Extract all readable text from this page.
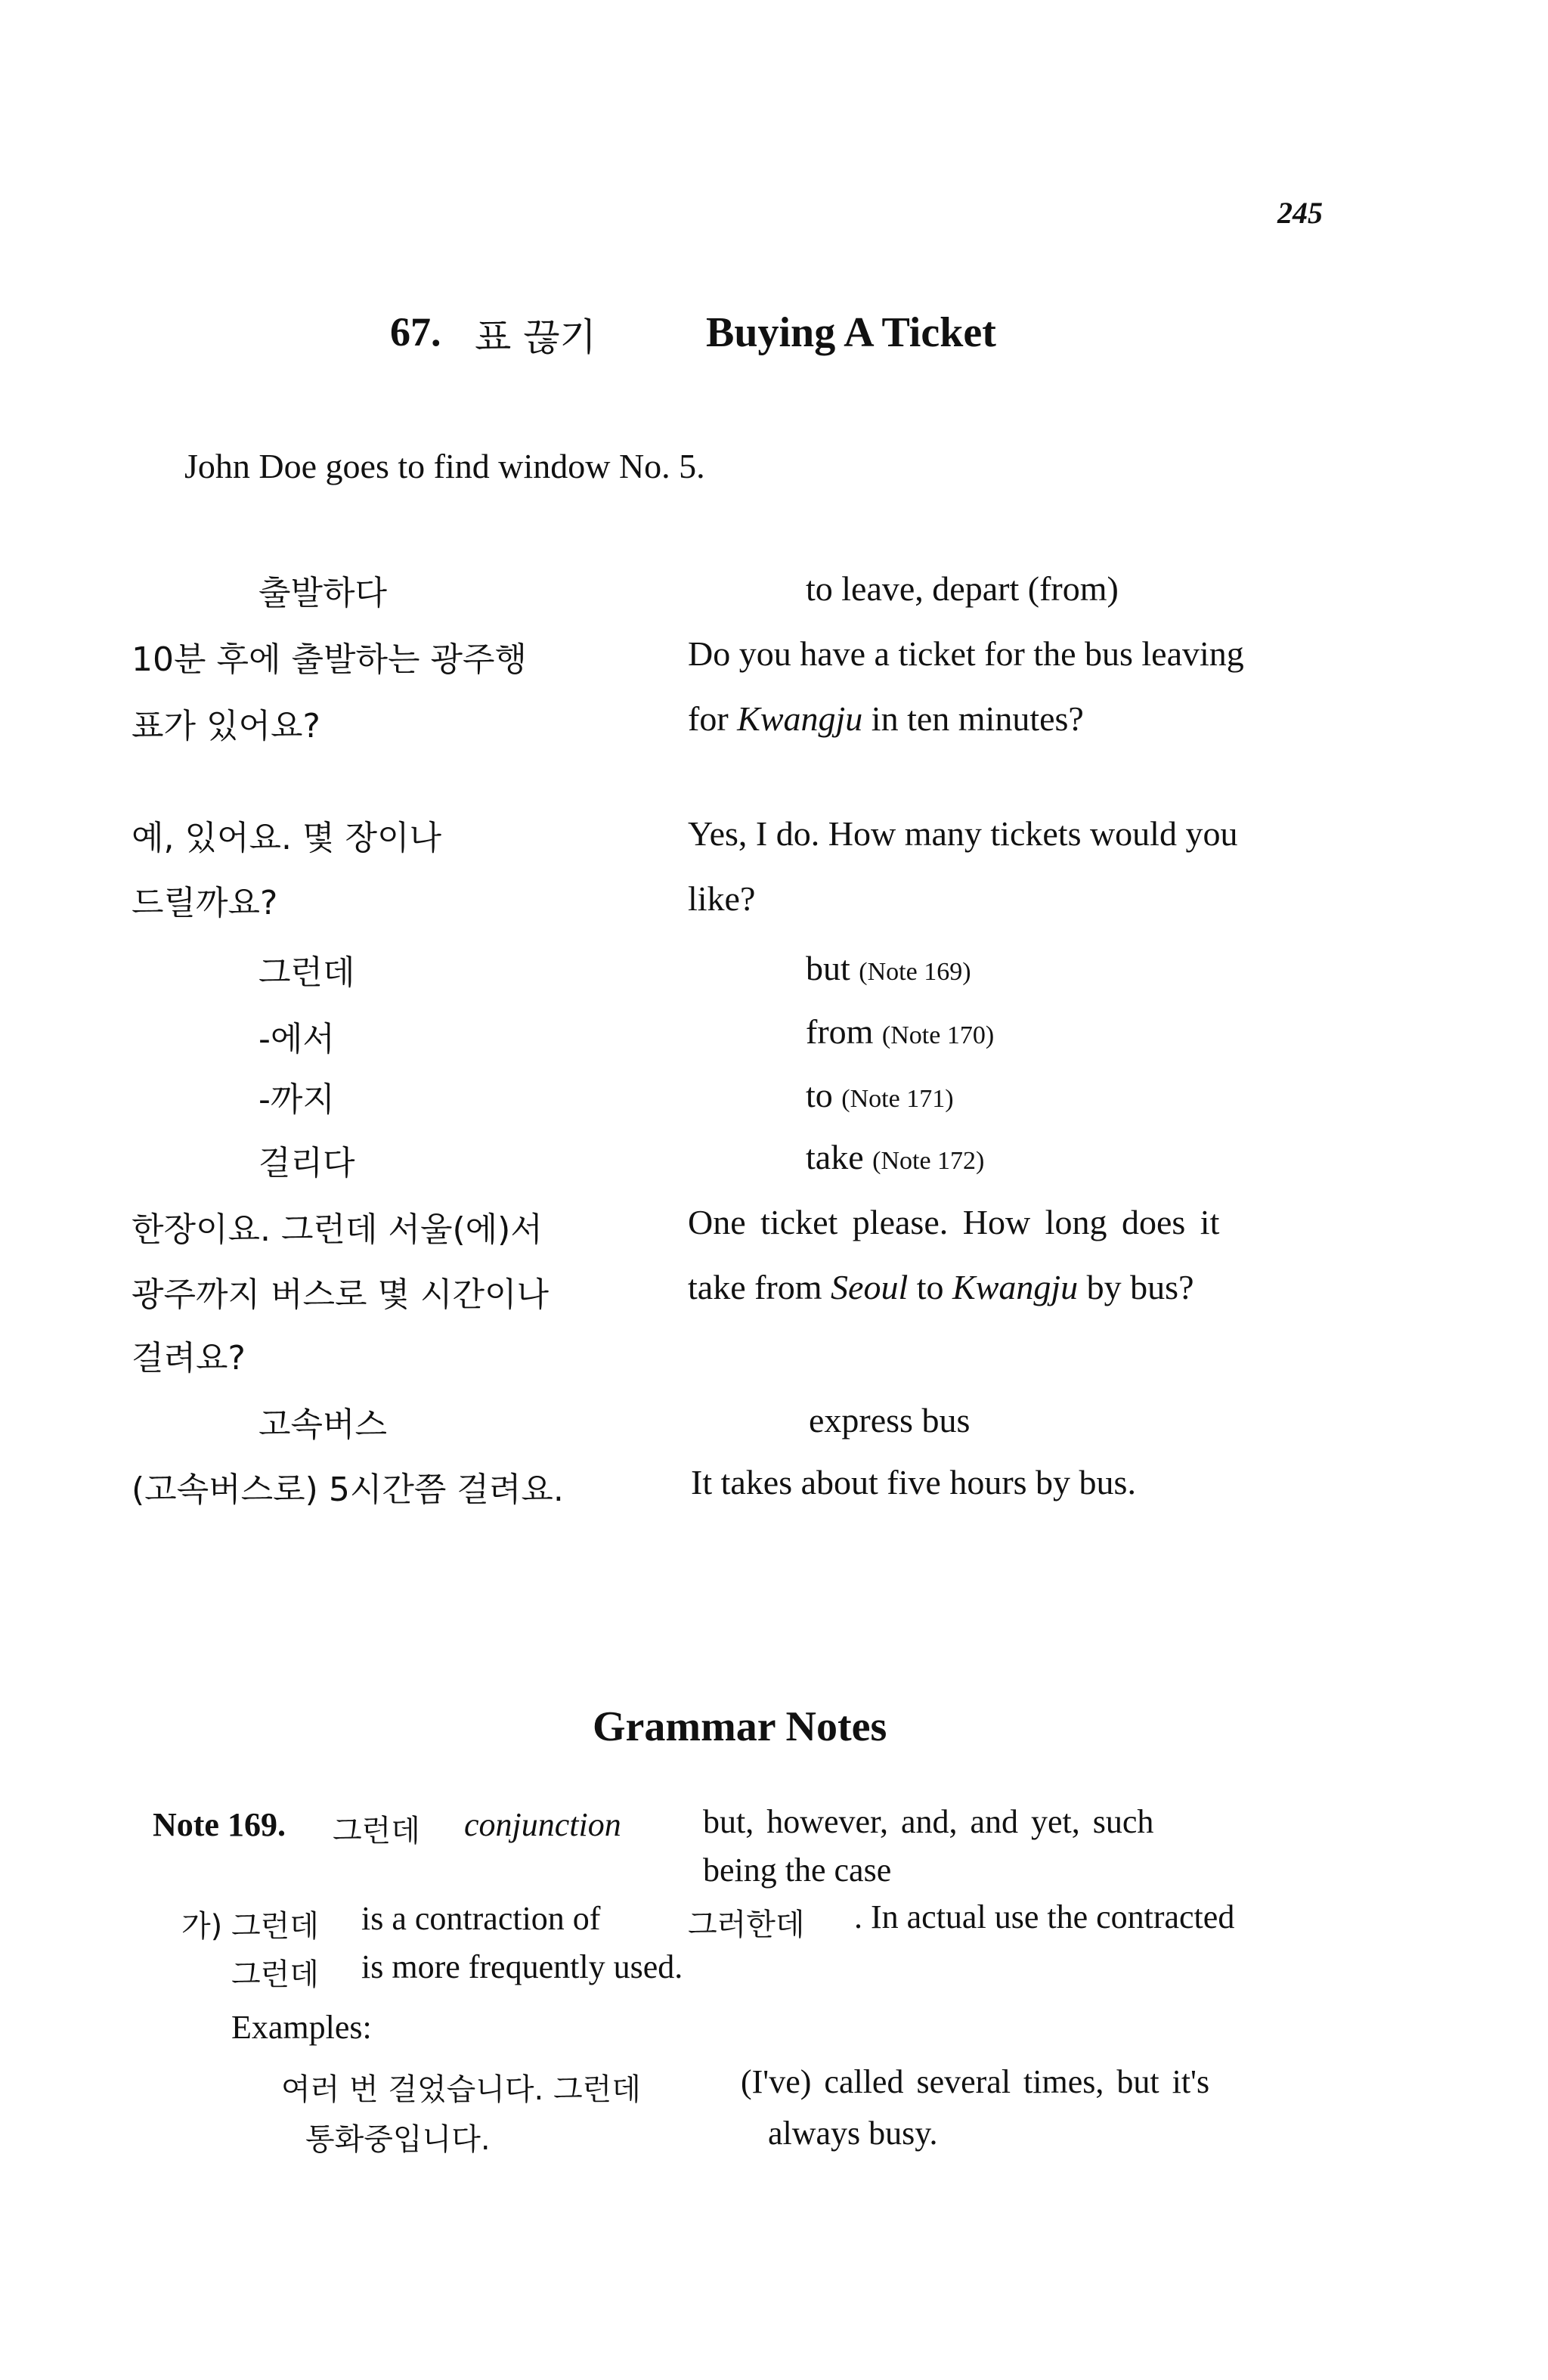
245
67. 표 끊기	Buying A Ticket
John Doe goes to find window No. 5.
출발하다	to leave, depart (from)
10분 후에 출발하는 광주행	Do you have a ticket for the bus leaving
표가 있어요?	for Kwangju in ten minutes?
예, 있어요. 몇 장이나	Yes, I do. How many tickets would you
드릴까요?	like?
그런데	but (Note 169)
-에서	from (Note 170)
-까지	to (Note 171)
걸리다	take (Note 172)
한장이요. 그런데 서울(에)서	One ticket please. How long does it
광주까지 버스로 몇 시간이나	take from Seoul to Kwangju by bus?
걸려요?
고속버스	express bus
(고속버스로) 5시간쯤 걸려요.	It takes about five hours by bus.
Grammar Notes
Note 169. 그런데 conjunction but, however, and, and yet, such
being the case
가) 그런데 is a contraction of	그러한데 . In actual use the contracted
그런데 is more frequently used.
Examples:
여러 번 걸었습니다. 그런데	(I've) called several times, but it's
통화중입니다.	always busy.
